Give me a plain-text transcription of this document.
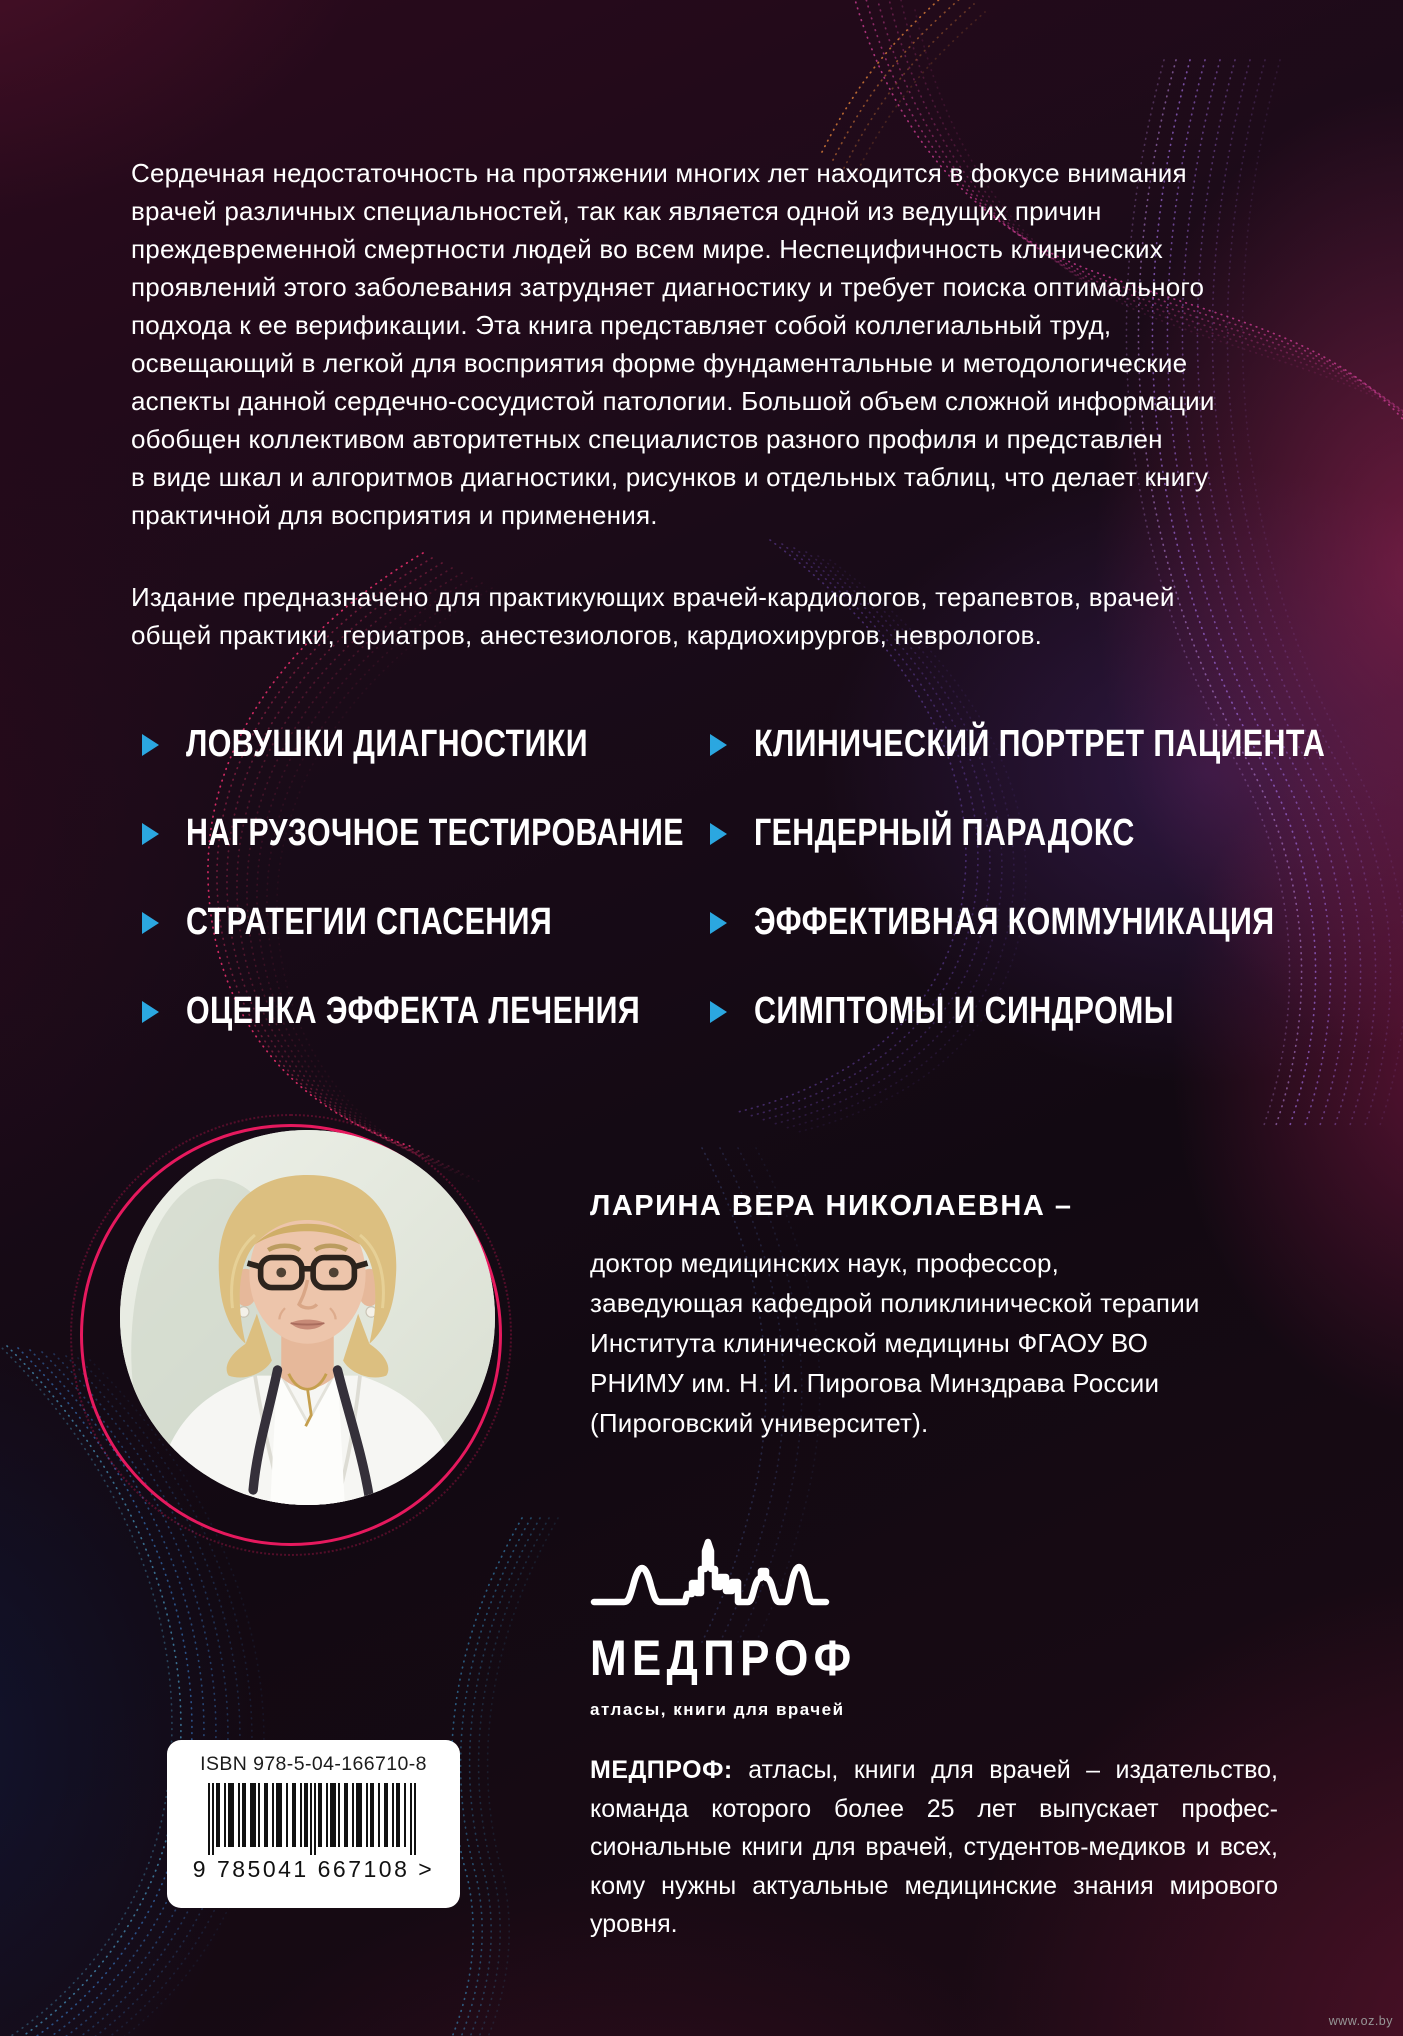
Сердечная недостаточность на протяжении многих лет находится в фокусе внимания
врачей различных специальностей, так как является одной из ведущих причин
преждевременной смертности людей во всем мире. Неспецифичность клинических
проявлений этого заболевания затрудняет диагностику и требует поиска оптимального
подхода к ее верификации. Эта книга представляет собой коллегиальный труд,
освещающий в легкой для восприятия форме фундаментальные и методологические
аспекты данной сердечно-сосудистой патологии. Большой объем сложной информации
обобщен коллективом авторитетных специалистов разного профиля и представлен
в виде шкал и алгоритмов диагностики, рисунков и отдельных таблиц, что делает книгу
практичной для восприятия и применения.
Издание предназначено для практикующих врачей-кардиологов, терапевтов, врачей
общей практики, гериатров, анестезиологов, кардиохирургов, неврологов.
ЛОВУШКИ ДИАГНОСТИКИ
НАГРУЗОЧНОЕ ТЕСТИРОВАНИЕ
СТРАТЕГИИ СПАСЕНИЯ
ОЦЕНКА ЭФФЕКТА ЛЕЧЕНИЯ
КЛИНИЧЕСКИЙ ПОРТРЕТ ПАЦИЕНТА
ГЕНДЕРНЫЙ ПАРАДОКС
ЭФФЕКТИВНАЯ КОММУНИКАЦИЯ
СИМПТОМЫ И СИНДРОМЫ
ЛАРИНА ВЕРА НИКОЛАЕВНА –
доктор медицинских наук, профессор,
заведующая кафедрой поликлинической терапии
Института клинической медицины ФГАОУ ВО
РНИМУ им. Н. И. Пирогова Минздрава России
(Пироговский университет).
МЕДПРОФ
атласы, книги для врачей
МЕДПРОФ: атласы, книги для врачей – издательство,
команда которого более 25 лет выпускает профес-
сиональные книги для врачей, студентов-медиков и всех,
кому нужны актуальные медицинские знания мирового
уровня.
ISBN 978-5-04-166710-8
9 785041 667108 >
www.oz.by
